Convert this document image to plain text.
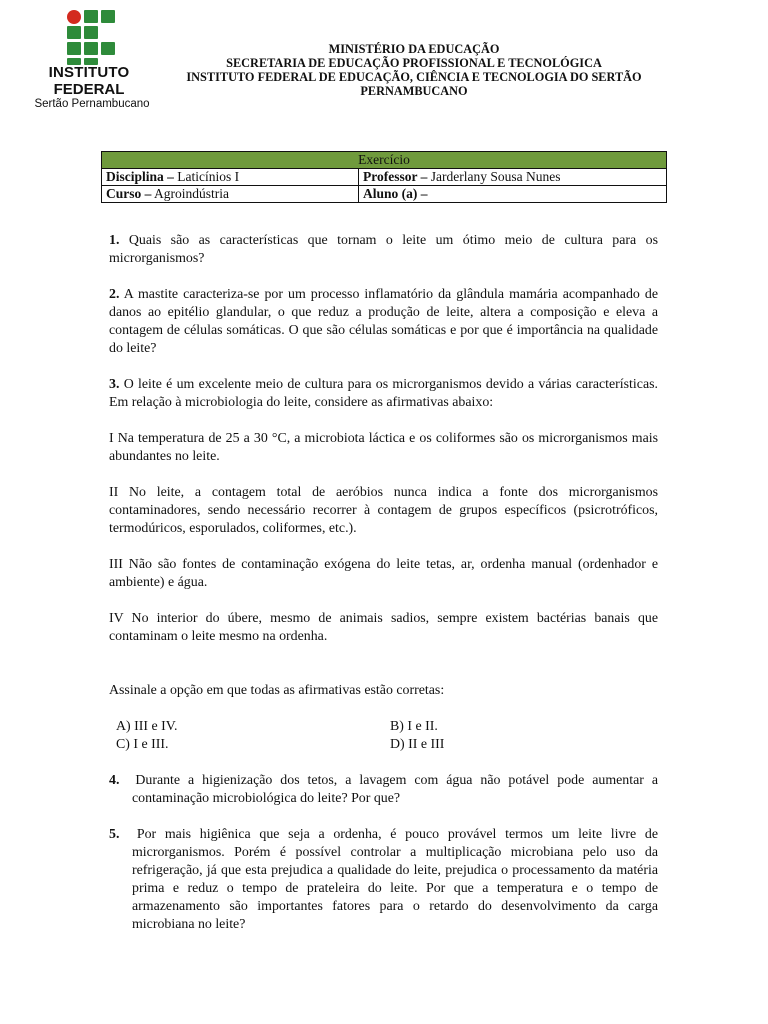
INSTITUTO
FEDERAL
Sertão Pernambucano
MINISTÉRIO DA EDUCAÇÃO
SECRETARIA DE EDUCAÇÃO PROFISSIONAL E TECNOLÓGICA
INSTITUTO FEDERAL DE EDUCAÇÃO, CIÊNCIA E TECNOLOGIA DO SERTÃO
PERNAMBUCANO
Exercício	
Disciplina – Laticínios I	Professor – Jarderlany Sousa Nunes
Curso – Agroindústria	Aluno (a) –

1. Quais são as características que tornam o leite um ótimo meio de cultura para os microrganismos?

2. A mastite caracteriza-se por um processo inflamatório da glândula mamária acompanhado de danos ao epitélio glandular, o que reduz a produção de leite, altera a composição e eleva a contagem de células somáticas. O que são células somáticas e por que é importância na qualidade do leite?

3. O leite é um excelente meio de cultura para os microrganismos devido a várias características. Em relação à microbiologia do leite, considere as afirmativas abaixo:

I Na temperatura de 25 a 30 °C, a microbiota láctica e os coliformes são os microrganismos mais abundantes no leite.

II No leite, a contagem total de aeróbios nunca indica a fonte dos microrganismos contaminadores, sendo necessário recorrer à contagem de grupos específicos (psicrotróficos, termodúricos, esporulados, coliformes, etc.).

III Não são fontes de contaminação exógena do leite tetas, ar, ordenha manual (ordenhador e ambiente) e água.

IV No interior do úbere, mesmo de animais sadios, sempre existem bactérias banais que contaminam o leite mesmo na ordenha.

Assinale a opção em que todas as afirmativas estão corretas:

A) III e IV.	B) I e II.
C) I e III.	D) II e III

4. Durante a higienização dos tetos, a lavagem com água não potável pode aumentar a contaminação microbiológica do leite? Por que?

5. Por mais higiênica que seja a ordenha, é pouco provável termos um leite livre de microrganismos. Porém é possível controlar a multiplicação microbiana pelo uso da refrigeração, já que esta prejudica a qualidade do leite, prejudica o processamento da matéria prima e reduz o tempo de prateleira do leite. Por que a temperatura e o tempo de armazenamento são importantes fatores para o retardo do desenvolvimento da carga microbiana no leite?
